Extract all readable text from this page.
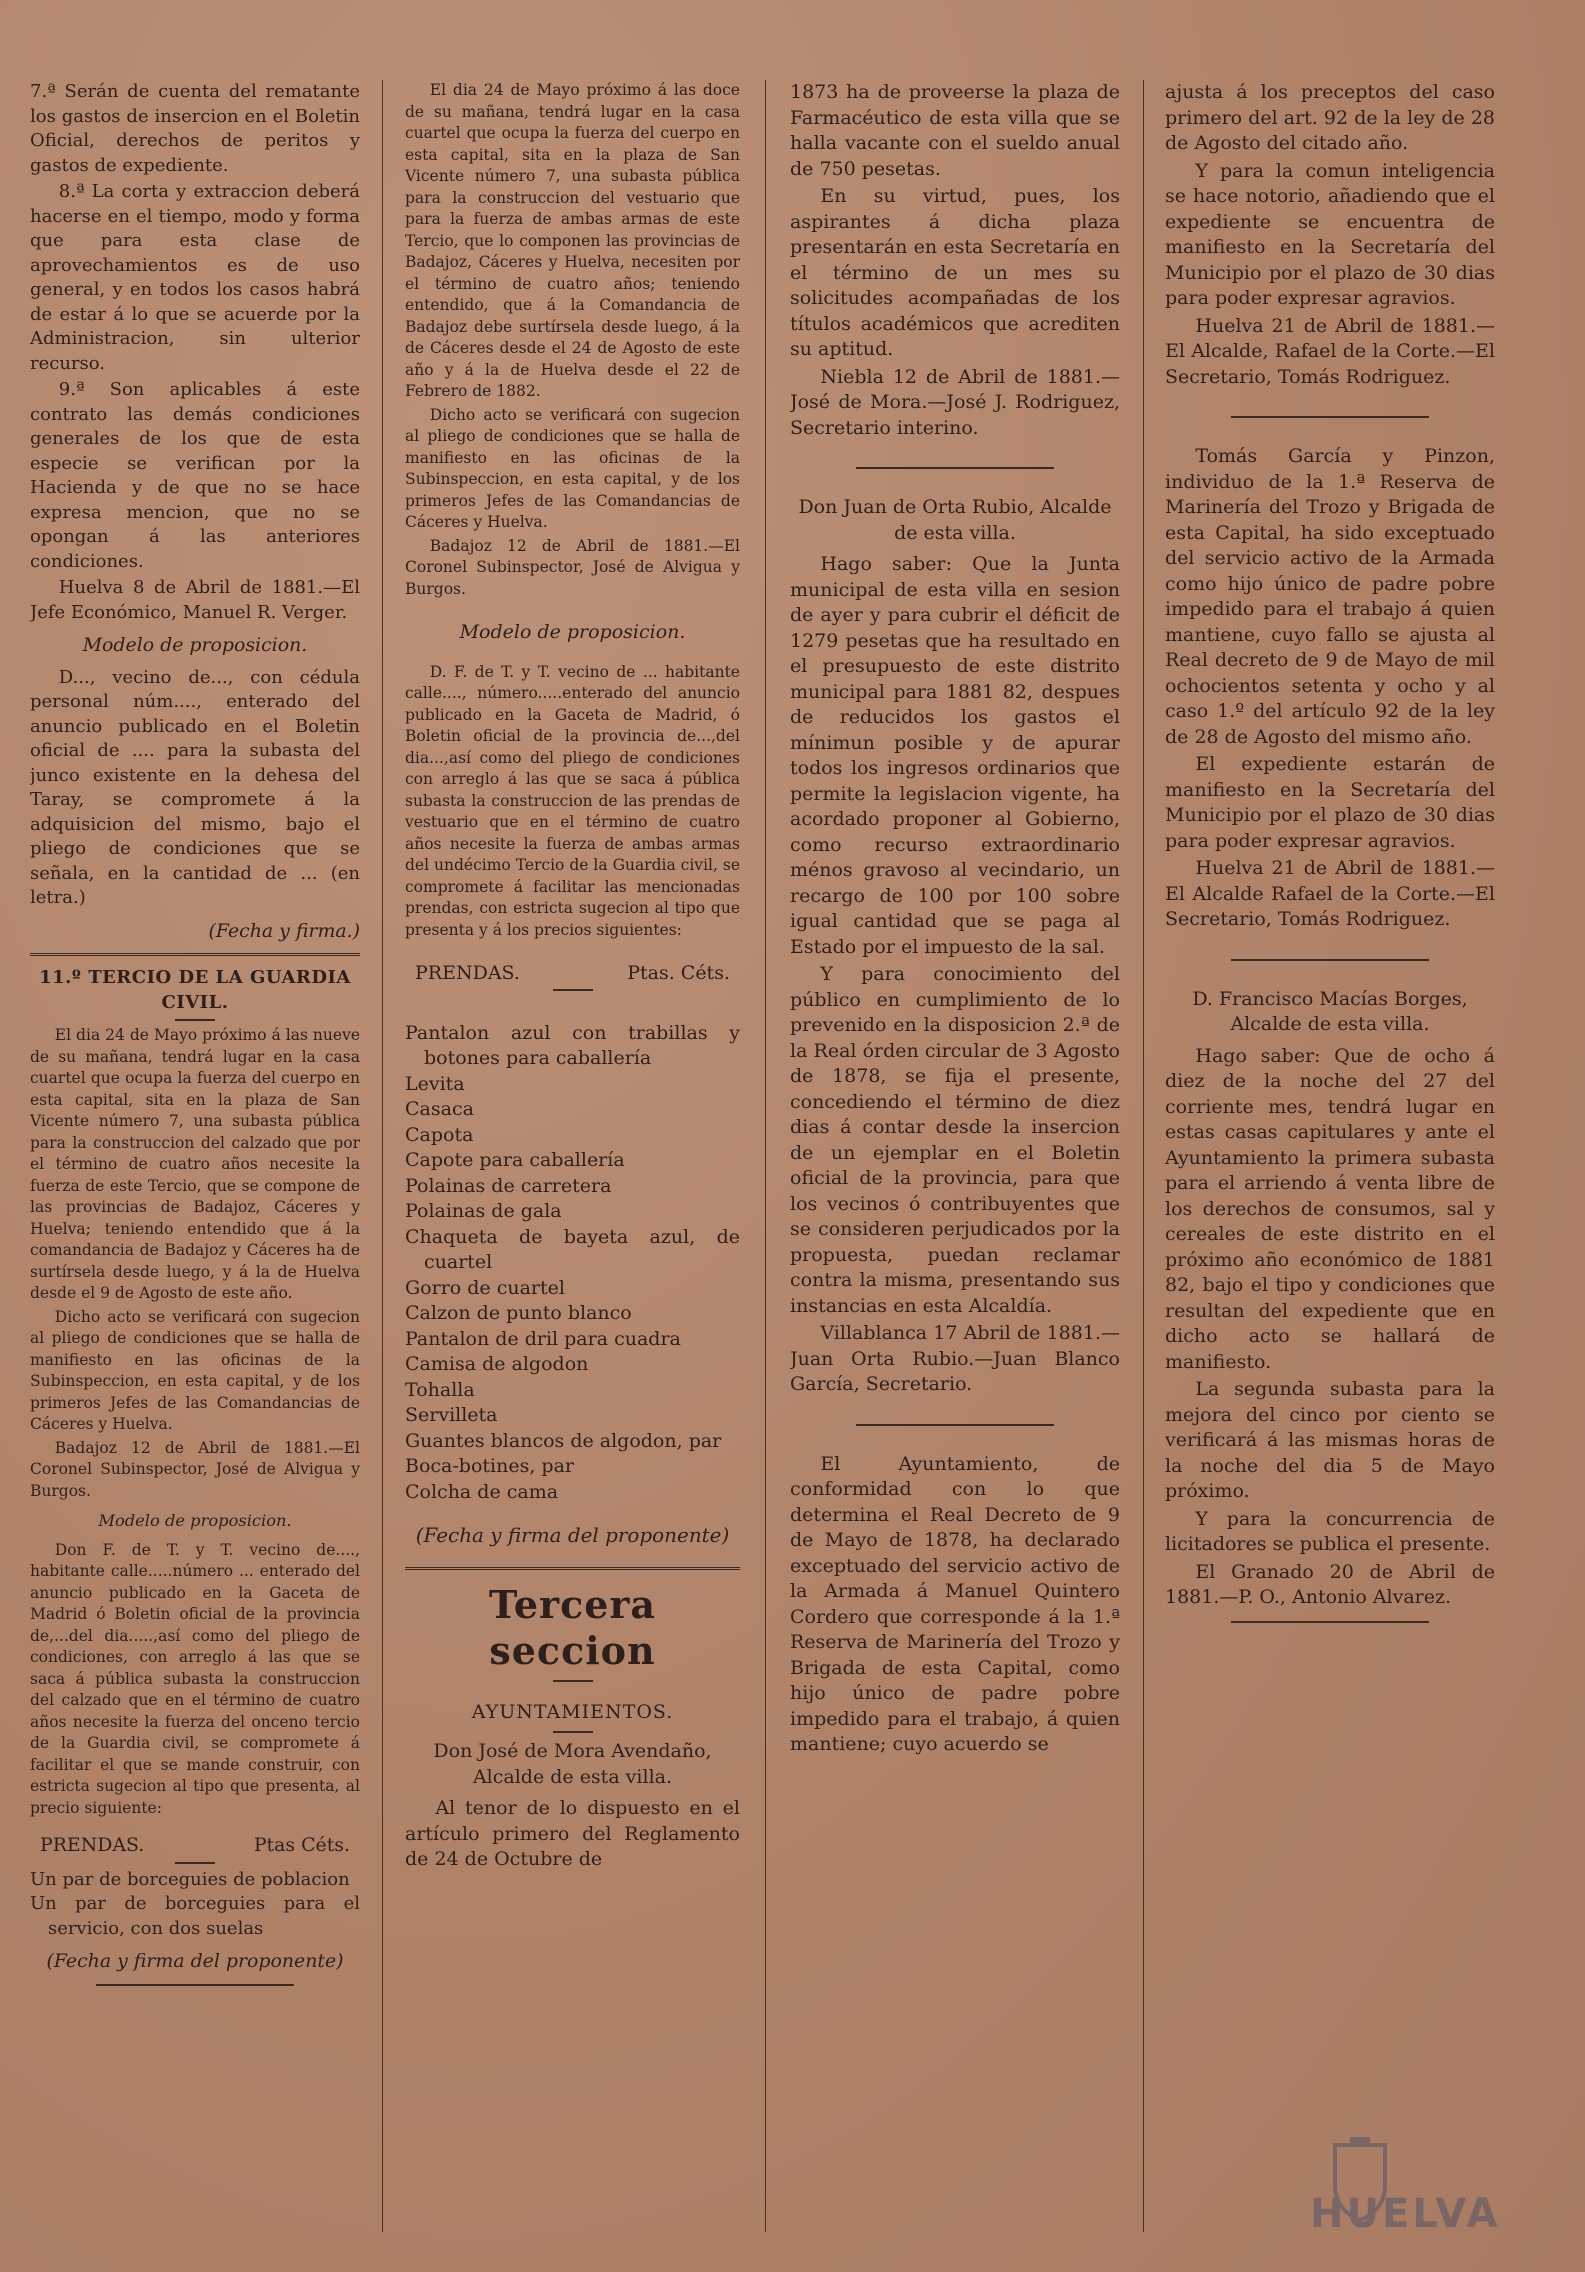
7.ª Serán de cuenta del rematante los gastos de insercion en el Boletin Oficial, derechos de peritos y gastos de expediente.

8.ª La corta y extraccion deberá hacerse en el tiempo, modo y forma que para esta clase de aprovechamientos es de uso general, y en todos los casos habrá de estar á lo que se acuerde por la Administracion, sin ulterior recurso.

9.ª Son aplicables á este contrato las demás condiciones generales de los que de esta especie se verifican por la Hacienda y de que no se hace expresa mencion, que no se opongan á las anteriores condiciones.

Huelva 8 de Abril de 1881.—El Jefe Económico, Manuel R. Verger.

Modelo de proposicion.

D..., vecino de..., con cédula personal núm...., enterado del anuncio publicado en el Boletin oficial de .... para la subasta del junco existente en la dehesa del Taray, se compromete á la adquisicion del mismo, bajo el pliego de condiciones que se señala, en la cantidad de ... (en letra.)

(Fecha y firma.)
11.º TERCIO DE LA GUARDIA CIVIL.

El dia 24 de Mayo próximo á las nueve de su mañana, tendrá lugar en la casa cuartel que ocupa la fuerza del cuerpo en esta capital, sita en la plaza de San Vicente número 7, una subasta pública para la construccion del calzado que por el término de cuatro años necesite la fuerza de este Tercio, que se compone de las provincias de Badajoz, Cáceres y Huelva; teniendo entendido que á la comandancia de Badajoz y Cáceres ha de surtírsela desde luego, y á la de Huelva desde el 9 de Agosto de este año.

Dicho acto se verificará con sugecion al pliego de condiciones que se halla de manifiesto en las oficinas de la Subinspeccion, en esta capital, y de los primeros Jefes de las Comandancias de Cáceres y Huelva.

Badajoz 12 de Abril de 1881.—El Coronel Subinspector, José de Alvigua y Burgos.

Modelo de proposicion.

Don F. de T. y T. vecino de...., habitante calle.....número ... enterado del anuncio publicado en la Gaceta de Madrid ó Boletin oficial de la provincia de,...del dia.....,así como del pliego de condiciones, con arreglo á las que se saca á pública subasta la construccion del calzado que en el término de cuatro años necesite la fuerza del onceno tercio de la Guardia civil, se compromete á facilitar el que se mande construir, con estricta sugecion al tipo que presenta, al precio siguiente:

PRENDAS.	Ptas Céts.

Un par de borceguies de poblacion

Un par de borceguies para el servicio, con dos suelas

(Fecha y firma del proponente)

El dia 24 de Mayo próximo á las doce de su mañana, tendrá lugar en la casa cuartel que ocupa la fuerza del cuerpo en esta capital, sita en la plaza de San Vicente número 7, una subasta pública para la construccion del vestuario que para la fuerza de ambas armas de este Tercio, que lo componen las provincias de Badajoz, Cáceres y Huelva, necesiten por el término de cuatro años; teniendo entendido, que á la Comandancia de Badajoz debe surtírsela desde luego, á la de Cáceres desde el 24 de Agosto de este año y á la de Huelva desde el 22 de Febrero de 1882.

Dicho acto se verificará con sugecion al pliego de condiciones que se halla de manifiesto en las oficinas de la Subinspeccion, en esta capital, y de los primeros Jefes de las Comandancias de Cáceres y Huelva.

Badajoz 12 de Abril de 1881.—El Coronel Subinspector, José de Alvigua y Burgos.

Modelo de proposicion.

D. F. de T. y T. vecino de ... habitante calle...., número.....enterado del anuncio publicado en la Gaceta de Madrid, ó Boletin oficial de la provincia de...,del dia...,así como del pliego de condiciones con arreglo á las que se saca á pública subasta la construccion de las prendas de vestuario que en el término de cuatro años necesite la fuerza de ambas armas del undécimo Tercio de la Guardia civil, se compromete á facilitar las mencionadas prendas, con estricta sugecion al tipo que presenta y á los precios siguientes:

PRENDAS.	Ptas. Céts.

Pantalon azul con trabillas y botones para caballería

Levita

Casaca

Capota

Capote para caballería

Polainas de carretera

Polainas de gala

Chaqueta de bayeta azul, de cuartel

Gorro de cuartel

Calzon de punto blanco

Pantalon de dril para cuadra

Camisa de algodon

Tohalla

Servilleta

Guantes blancos de algodon, par

Boca-botines, par

Colcha de cama

(Fecha y firma del proponente)
Tercera seccion
AYUNTAMIENTOS.

Don José de Mora Avendaño, Alcalde de esta villa.

Al tenor de lo dispuesto en el artículo primero del Reglamento de 24 de Octubre de

1873 ha de proveerse la plaza de Farmacéutico de esta villa que se halla vacante con el sueldo anual de 750 pesetas.

En su virtud, pues, los aspirantes á dicha plaza presentarán en esta Secretaría en el término de un mes su solicitudes acompañadas de los títulos académicos que acrediten su aptitud.

Niebla 12 de Abril de 1881.—José de Mora.—José J. Rodriguez, Secretario interino.

Don Juan de Orta Rubio, Alcalde de esta villa.

Hago saber: Que la Junta municipal de esta villa en sesion de ayer y para cubrir el déficit de 1279 pesetas que ha resultado en el presupuesto de este distrito municipal para 1881 82, despues de reducidos los gastos el mínimun posible y de apurar todos los ingresos ordinarios que permite la legislacion vigente, ha acordado proponer al Gobierno, como recurso extraordinario ménos gravoso al vecindario, un recargo de 100 por 100 sobre igual cantidad que se paga al Estado por el impuesto de la sal.

Y para conocimiento del público en cumplimiento de lo prevenido en la disposicion 2.ª de la Real órden circular de 3 Agosto de 1878, se fija el presente, concediendo el término de diez dias á contar desde la insercion de un ejemplar en el Boletin oficial de la provincia, para que los vecinos ó contribuyentes que se consideren perjudicados por la propuesta, puedan reclamar contra la misma, presentando sus instancias en esta Alcaldía.

Villablanca 17 Abril de 1881.—Juan Orta Rubio.—Juan Blanco García, Secretario.

El Ayuntamiento, de conformidad con lo que determina el Real Decreto de 9 de Mayo de 1878, ha declarado exceptuado del servicio activo de la Armada á Manuel Quintero Cordero que corresponde á la 1.ª Reserva de Marinería del Trozo y Brigada de esta Capital, como hijo único de padre pobre impedido para el trabajo, á quien mantiene; cuyo acuerdo se

ajusta á los preceptos del caso primero del art. 92 de la ley de 28 de Agosto del citado año.

Y para la comun inteligencia se hace notorio, añadiendo que el expediente se encuentra de manifiesto en la Secretaría del Municipio por el plazo de 30 dias para poder expresar agravios.

Huelva 21 de Abril de 1881.—El Alcalde, Rafael de la Corte.—El Secretario, Tomás Rodriguez.

Tomás García y Pinzon, individuo de la 1.ª Reserva de Marinería del Trozo y Brigada de esta Capital, ha sido exceptuado del servicio activo de la Armada como hijo único de padre pobre impedido para el trabajo á quien mantiene, cuyo fallo se ajusta al Real decreto de 9 de Mayo de mil ochocientos setenta y ocho y al caso 1.º del artículo 92 de la ley de 28 de Agosto del mismo año.

El expediente estarán de manifiesto en la Secretaría del Municipio por el plazo de 30 dias para poder expresar agravios.

Huelva 21 de Abril de 1881.—El Alcalde Rafael de la Corte.—El Secretario, Tomás Rodriguez.

D. Francisco Macías Borges, Alcalde de esta villa.

Hago saber: Que de ocho á diez de la noche del 27 del corriente mes, tendrá lugar en estas casas capitulares y ante el Ayuntamiento la primera subasta para el arriendo á venta libre de los derechos de consumos, sal y cereales de este distrito en el próximo año económico de 1881 82, bajo el tipo y condiciones que resultan del expediente que en dicho acto se hallará de manifiesto.

La segunda subasta para la mejora del cinco por ciento se verificará á las mismas horas de la noche del dia 5 de Mayo próximo.

Y para la concurrencia de licitadores se publica el presente.

El Granado 20 de Abril de 1881.—P. O., Antonio Alvarez.

HUELVA
